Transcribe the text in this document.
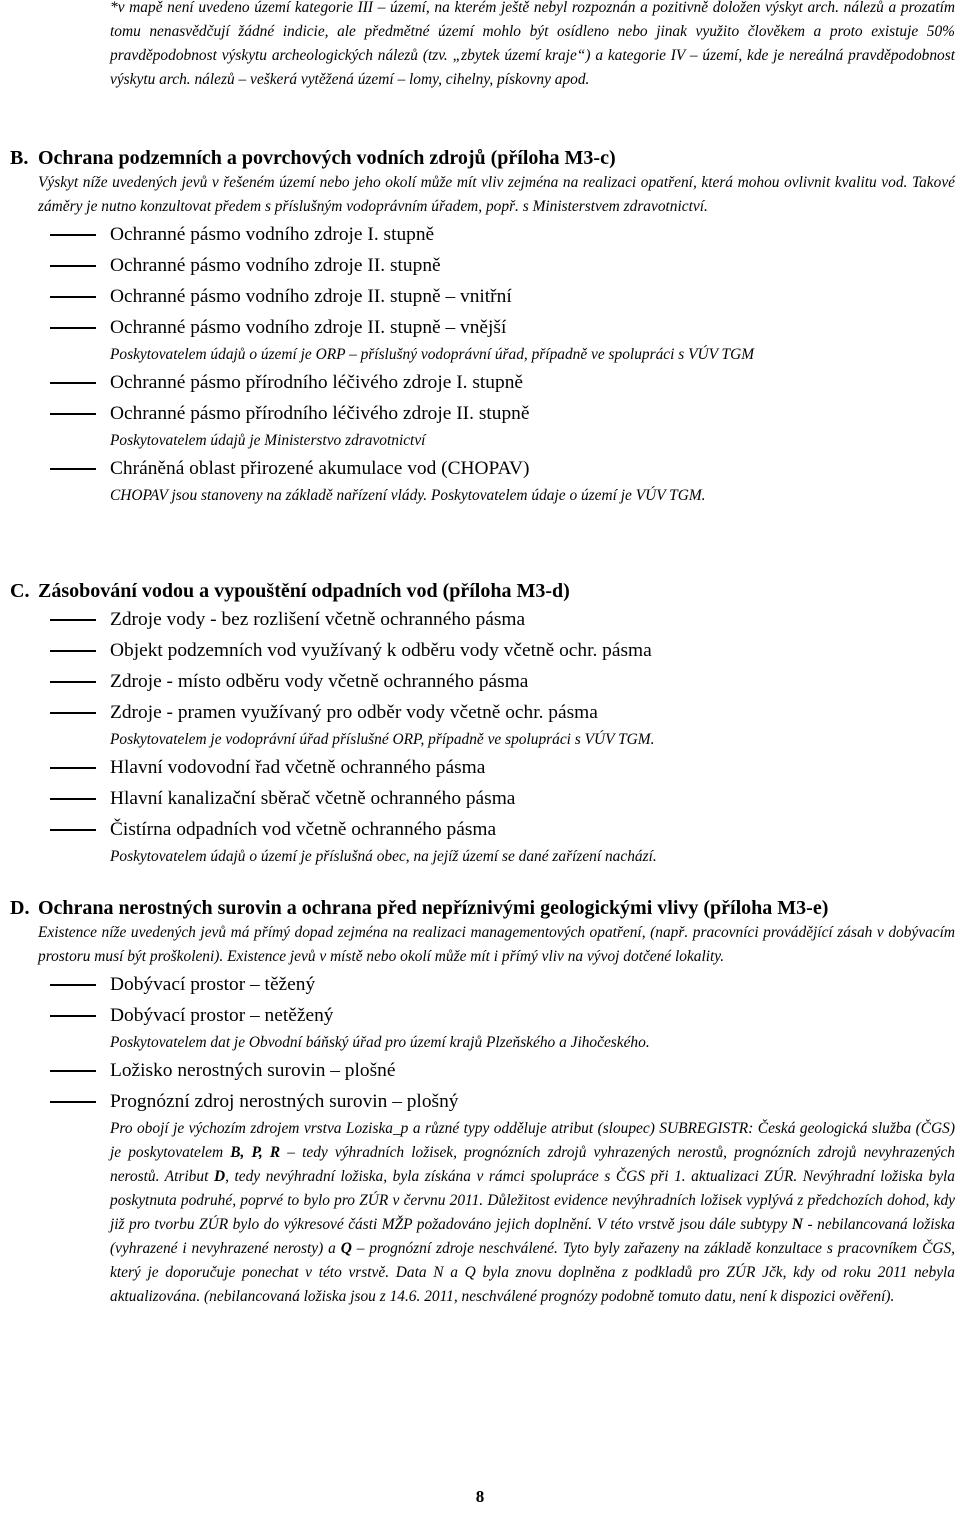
*v mapě není uvedeno území kategorie III – území, na kterém ještě nebyl rozpoznán a pozitivně doložen výskyt arch. nálezů a prozatím tomu nenasvědčují žádné indicie, ale předmětné území mohlo být osídleno nebo jinak využito člověkem a proto existuje 50% pravděpodobnost výskytu archeologických nálezů (tzv. „zbytek území kraje“) a kategorie IV – území, kde je nereálná pravděpodobnost výskytu arch. nálezů – veškerá vytěžená území – lomy, cihelny, pískovny apod.

B. Ochrana podzemních a povrchových vodních zdrojů (příloha M3-c)

Výskyt níže uvedených jevů v řešeném území nebo jeho okolí může mít vliv zejména na realizaci opatření, která mohou ovlivnit kvalitu vod. Takové záměry je nutno konzultovat předem s příslušným vodoprávním úřadem, popř. s Ministerstvem zdravotnictví.

Ochranné pásmo vodního zdroje I. stupně
Ochranné pásmo vodního zdroje II. stupně
Ochranné pásmo vodního zdroje II. stupně – vnitřní
Ochranné pásmo vodního zdroje II. stupně – vnější
Poskytovatelem údajů o území je ORP – příslušný vodoprávní úřad, případně ve spolupráci s VÚV TGM
Ochranné pásmo přírodního léčivého zdroje I. stupně
Ochranné pásmo přírodního léčivého zdroje II. stupně
Poskytovatelem údajů je Ministerstvo zdravotnictví
Chráněná oblast přirozené akumulace vod (CHOPAV)
CHOPAV jsou stanoveny na základě nařízení vlády. Poskytovatelem údaje o území je VÚV TGM.

C. Zásobování vodou a vypouštění odpadních vod (příloha M3-d)

Zdroje vody - bez rozlišení včetně ochranného pásma
Objekt podzemních vod využívaný k odběru vody včetně ochr. pásma
Zdroje - místo odběru vody včetně ochranného pásma
Zdroje - pramen využívaný pro odběr vody včetně ochr. pásma
Poskytovatelem je vodoprávní úřad příslušné ORP, případně ve spolupráci s VÚV TGM.
Hlavní vodovodní řad včetně ochranného pásma
Hlavní kanalizační sběrač včetně ochranného pásma
Čistírna odpadních vod včetně ochranného pásma
Poskytovatelem údajů o území je příslušná obec, na jejíž území se dané zařízení nachází.

D. Ochrana nerostných surovin a ochrana před nepříznivými geologickými vlivy (příloha M3-e)

Existence níže uvedených jevů má přímý dopad zejména na realizaci managementových opatření, (např. pracovníci provádějící zásah v dobývacím prostoru musí být proškoleni). Existence jevů v místě nebo okolí může mít i přímý vliv na vývoj dotčené lokality.

Dobývací prostor – těžený
Dobývací prostor – netěžený
Poskytovatelem dat je Obvodní báňský úřad pro území krajů Plzeňského a Jihočeského.
Ložisko nerostných surovin – plošné
Prognózní zdroj nerostných surovin – plošný
Pro obojí je výchozím zdrojem vrstva Loziska_p a různé typy odděluje atribut (sloupec) SUBREGISTR: Česká geologická služba (ČGS) je poskytovatelem B, P, R – tedy výhradních ložisek, prognózních zdrojů vyhrazených nerostů, prognózních zdrojů nevyhrazených nerostů. Atribut D, tedy nevýhradní ložiska, byla získána v rámci spolupráce s ČGS při 1. aktualizaci ZÚR. Nevýhradní ložiska byla poskytnuta podruhé, poprvé to bylo pro ZÚR v červnu 2011. Důležitost evidence nevýhradních ložisek vyplývá z předchozích dohod, kdy již pro tvorbu ZÚR bylo do výkresové části MŽP požadováno jejich doplnění. V této vrstvě jsou dále subtypy N - nebilancovaná ložiska (vyhrazené i nevyhrazené nerosty) a Q – prognózní zdroje neschválené. Tyto byly zařazeny na základě konzultace s pracovníkem ČGS, který je doporučuje ponechat v této vrstvě. Data N a Q byla znovu doplněna z podkladů pro ZÚR Jčk, kdy od roku 2011 nebyla aktualizována. (nebilancovaná ložiska jsou z 14.6. 2011, neschválené prognózy podobně tomuto datu, není k dispozici ověření).
8
